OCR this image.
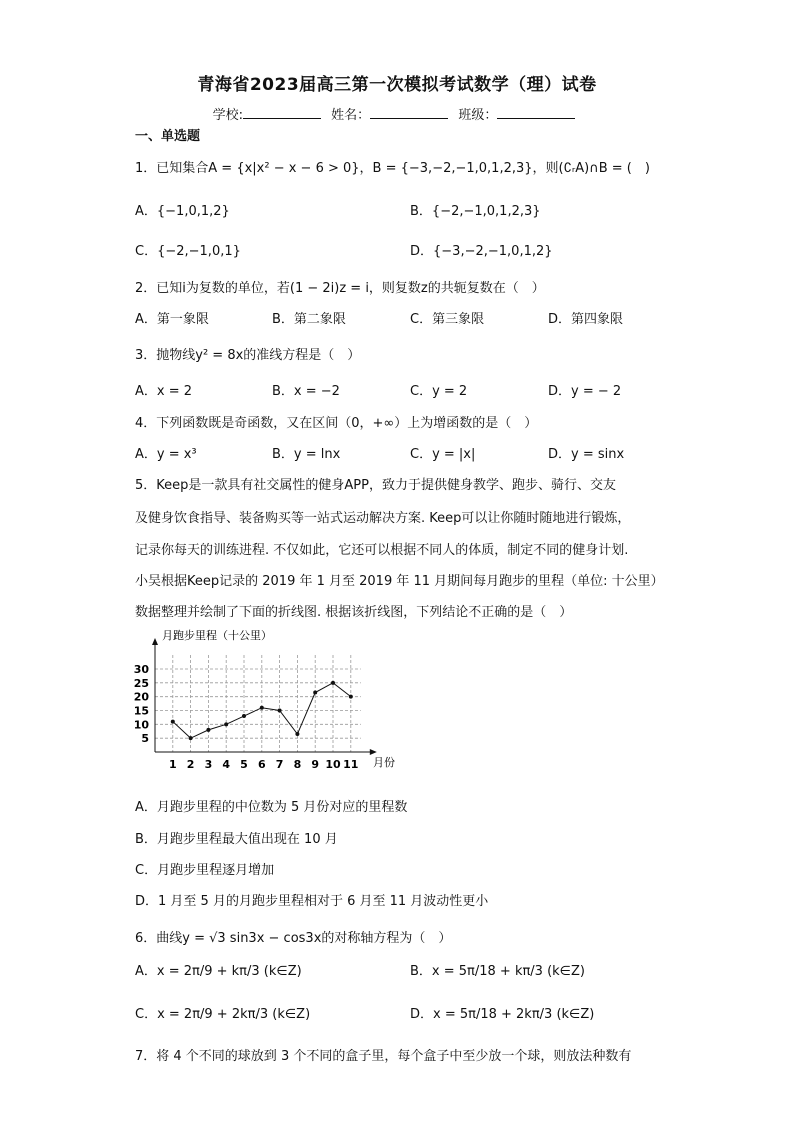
青海省2023届高三第一次模拟考试数学（理）试卷
学校:	姓名：	班级：
一、单选题
1．已知集合A = {x|x² − x − 6 > 0}，B = {−3,−2,−1,0,1,2,3}，则(∁ᵣA)∩B = (　)
A．{−1,0,1,2}	B．{−2,−1,0,1,2,3}
C．{−2,−1,0,1}	D．{−3,−2,−1,0,1,2}
2．已知i为复数的单位，若(1 − 2i)z = i，则复数z的共轭复数在（　）
A．第一象限	B．第二象限	C．第三象限	D．第四象限
3．抛物线y² = 8x的准线方程是（　）
A．x = 2	B．x = −2	C．y = 2	D．y = − 2
4．下列函数既是奇函数，又在区间（0，+∞）上为增函数的是（　）
A．y = x³	B．y = lnx	C．y = |x|	D．y = sinx
5．Keep是一款具有社交属性的健身APP，致力于提供健身教学、跑步、骑行、交友
及健身饮食指导、装备购买等一站式运动解决方案. Keep可以让你随时随地进行锻炼，
记录你每天的训练进程. 不仅如此，它还可以根据不同人的体质，制定不同的健身计划.
小吴根据Keep记录的 2019 年 1 月至 2019 年 11 月期间每月跑步的里程（单位: 十公里）
数据整理并绘制了下面的折线图. 根据该折线图，下列结论不正确的是（　）
月跑步里程（十公里）
月份
5
10
15
20
25
30
1 2 3 4 5 6 7 8 9 10 11
A．月跑步里程的中位数为 5 月份对应的里程数
B．月跑步里程最大值出现在 10 月
C．月跑步里程逐月增加
D．1 月至 5 月的月跑步里程相对于 6 月至 11 月波动性更小
6．曲线y = √3 sin3x − cos3x的对称轴方程为（　）
A．x = 2π/9 + kπ/3 (k∈Z)	B．x = 5π/18 + kπ/3 (k∈Z)
C．x = 2π/9 + 2kπ/3 (k∈Z)	D．x = 5π/18 + 2kπ/3 (k∈Z)
7．将 4 个不同的球放到 3 个不同的盒子里，每个盒子中至少放一个球，则放法种数有
